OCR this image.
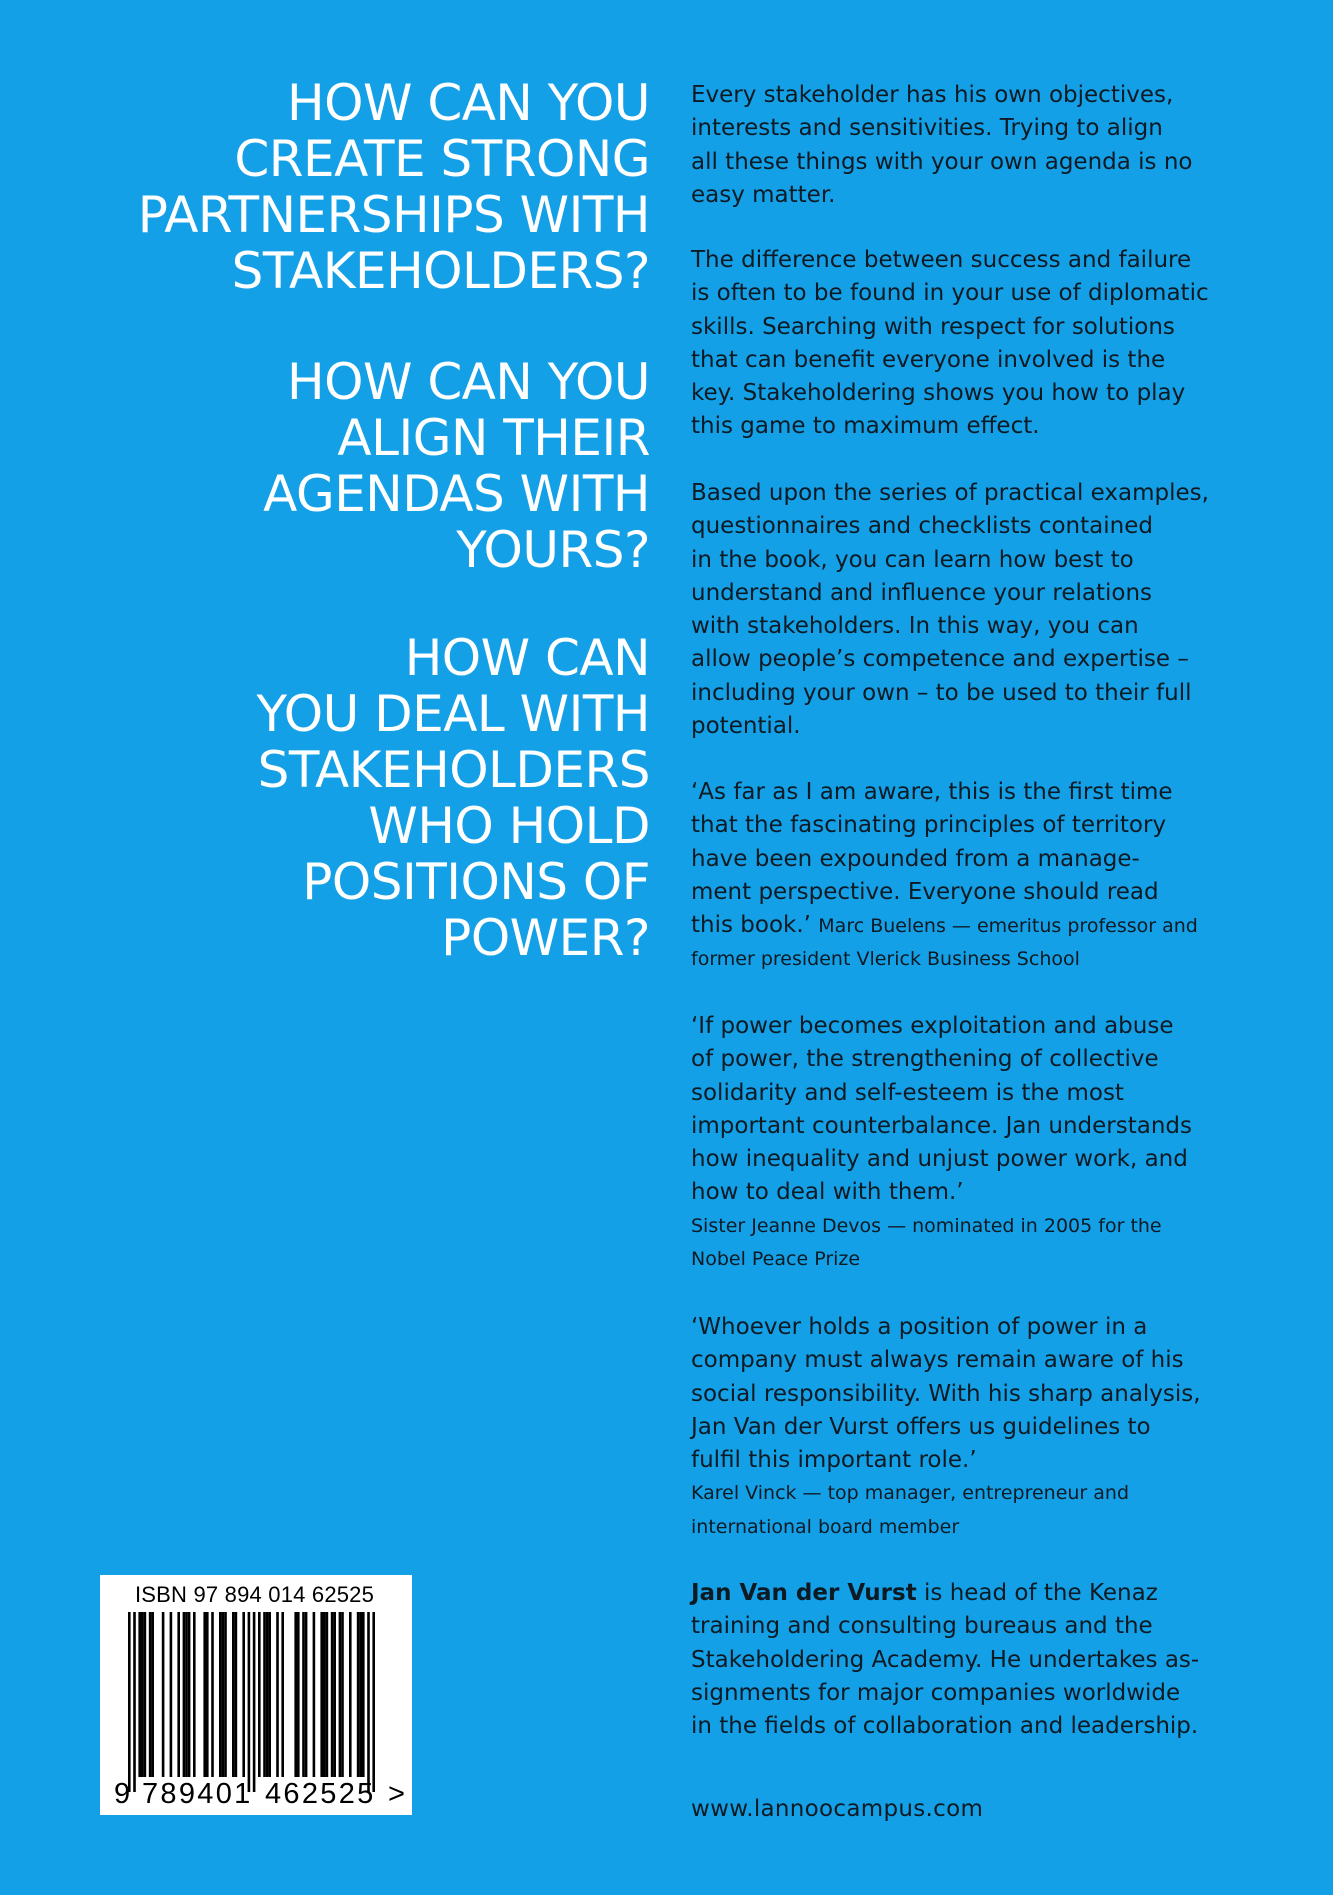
HOW CAN YOU
CREATE STRONG
PARTNERSHIPS WITH
STAKEHOLDERS?
HOW CAN YOU
ALIGN THEIR
AGENDAS WITH
YOURS?
HOW CAN
YOU DEAL WITH
STAKEHOLDERS
WHO HOLD
POSITIONS OF
POWER?

Every stakeholder has his own objectives,
interests and sensitivities. Trying to align
all these things with your own agenda is no
easy matter.

The difference between success and failure
is often to be found in your use of diplomatic
skills. Searching with respect for solutions
that can benefit everyone involved is the
key. Stakeholdering shows you how to play
this game to maximum effect.

Based upon the series of practical examples,
questionnaires and checklists contained
in the book, you can learn how best to
understand and influence your relations
with stakeholders. In this way, you can
allow people’s competence and expertise –
including your own – to be used to their full
potential.

‘As far as I am aware, this is the first time
that the fascinating principles of territory
have been expounded from a manage-
ment perspective. Everyone should read
this book.’ Marc Buelens — emeritus professor and
former president Vlerick Business School

‘If power becomes exploitation and abuse
of power, the strengthening of collective
solidarity and self-esteem is the most
important counterbalance. Jan understands
how inequality and unjust power work, and
how to deal with them.’
Sister Jeanne Devos — nominated in 2005 for the
Nobel Peace Prize

‘Whoever holds a position of power in a
company must always remain aware of his
social responsibility. With his sharp analysis,
Jan Van der Vurst offers us guidelines to
fulfil this important role.’
Karel Vinck — top manager, entrepreneur and
international board member

Jan Van der Vurst is head of the Kenaz
training and consulting bureaus and the
Stakeholdering Academy. He undertakes as-
signments for major companies worldwide
in the fields of collaboration and leadership.

www.lannoocampus.com

ISBN 97 894 014 62525
9 789401 462525 >
